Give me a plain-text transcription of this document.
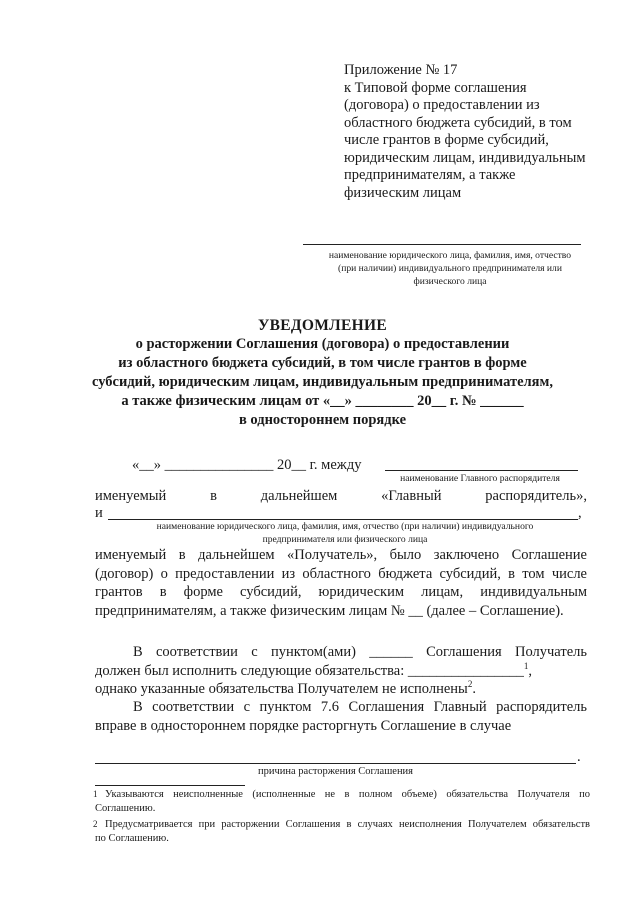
Приложение № 17
к Типовой форме соглашения
(договора) о предоставлении из
областного бюджета субсидий, в том
числе грантов в форме субсидий,
юридическим лицам, индивидуальным
предпринимателям, а также
физическим лицам
наименование юридического лица, фамилия, имя, отчество
(при наличии) индивидуального предпринимателя или
физического лица
УВЕДОМЛЕНИЕ
о расторжении Соглашения (договора) о предоставлении
из областного бюджета субсидий, в том числе грантов в форме
субсидий, юридическим лицам, индивидуальным предпринимателям,
а также физическим лицам от «__» ________ 20__ г. № ______
в одностороннем порядке
«__» _______________ 20__ г. между
наименование Главного распорядителя
именуемый	в	дальнейшем	«Главный	распорядитель»,
и	,
наименование юридического лица, фамилия, имя, отчество (при наличии) индивидуального
предпринимателя или физического лица
именуемый в дальнейшем «Получатель», было заключено Соглашение
(договор) о предоставлении из областного бюджета субсидий, в том числе
грантов в форме субсидий, юридическим лицам, индивидуальным
предпринимателям, а также физическим лицам № __ (далее – Соглашение).
В соответствии с пунктом(ами) ______ Соглашения Получатель
должен был исполнить следующие обязательства: ________________$^1$,
однако указанные обязательства Получателем не исполнены$^2$.
В соответствии с пунктом 7.6 Соглашения Главный распорядитель
вправе в одностороннем порядке расторгнуть Соглашение в случае
.
причина расторжения Соглашения
1 Указываются неисполненные (исполненные не в полном объеме) обязательства Получателя по
Соглашению.
2 Предусматривается при расторжении Соглашения в случаях неисполнения Получателем обязательств
по Соглашению.
